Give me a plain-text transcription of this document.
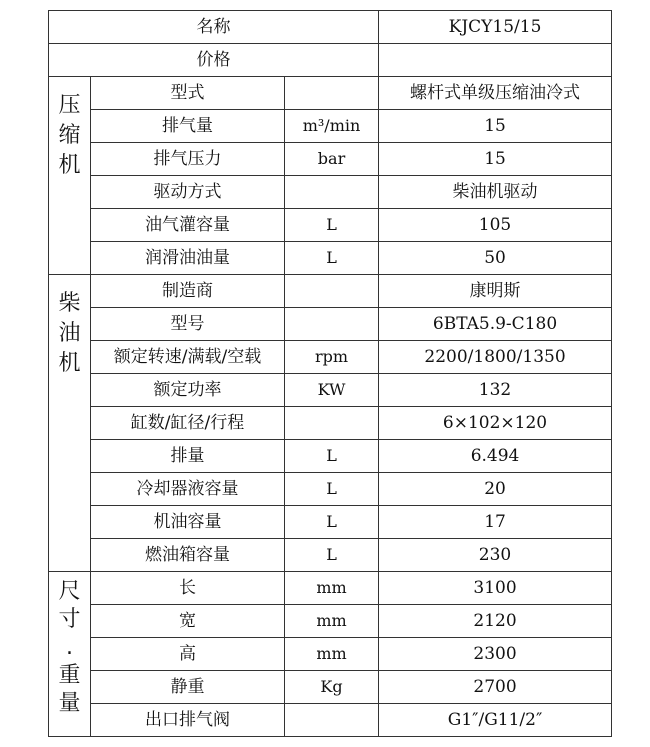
名称			KJCY15/15
价格			

压
缩
机	型式		螺杆式单级压缩油冷式
	排气量	m³/min	15
	排气压力	bar	15
	驱动方式		柴油机驱动
	油气灌容量	L	105
	润滑油油量	L	50

柴
油
机	制造商		康明斯
	型号		6BTA5.9-C180
	额定转速/满载/空载	rpm	2200/1800/1350
	额定功率	KW	132
	缸数/缸径/行程		6×102×120
	排量	L	6.494
	冷却器液容量	L	20
	机油容量	L	17
	燃油箱容量	L	230

尺
寸
.
重
量	长	mm	3100
	宽	mm	2120
	高	mm	2300
	静重	Kg	2700
	出口排气阀		G1″/G11/2″
